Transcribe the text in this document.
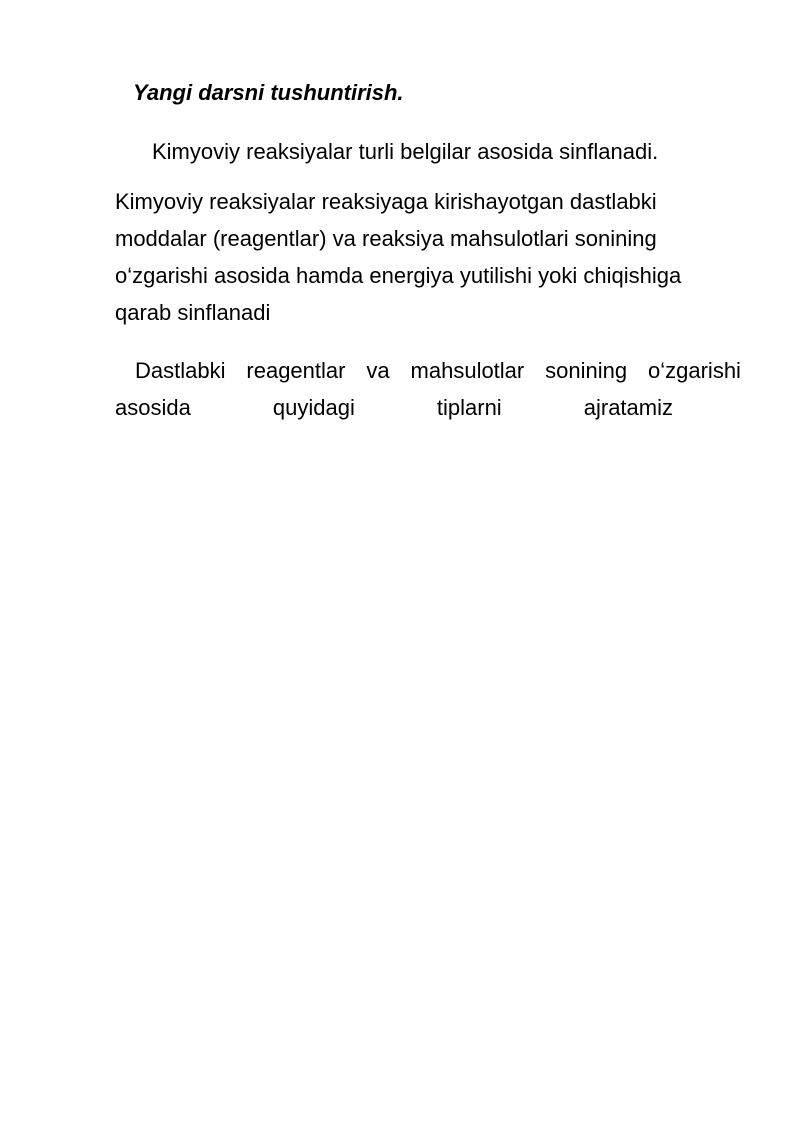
Yangi darsni tushuntirish.

Kimyoviy reaksiyalar turli belgilar asosida sinflanadi.

Kimyoviy reaksiyalar reaksiyaga kirishayotgan dastlabki
moddalar (reagentlar) va reaksiya mahsulotlari sonining
o‘zgarishi asosida hamda energiya yutilishi yoki chiqishiga
qarab sinflanadi

Dastlabki reagentlar va mahsulotlar sonining o‘zgarishi
asosida	quyidagi	tiplarni	ajratamiz
